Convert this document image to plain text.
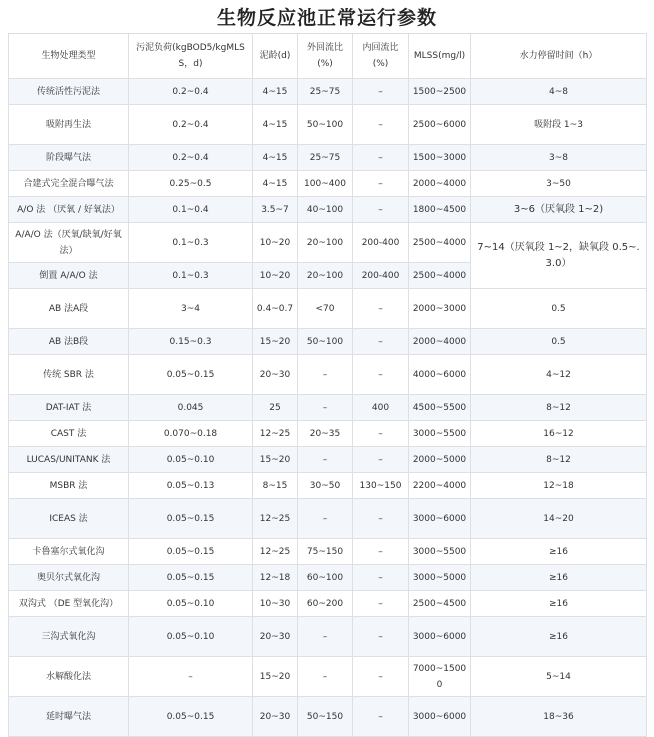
生物反应池正常运行参数
生物处理类型	污泥负荷(kgBOD5/kgMLSS，d)	泥龄(d)	外回流比(%)	内回流比(%)	MLSS(mg/l)	水力停留时间（h）
传统活性污泥法	0.2~0.4	4~15	25~75	–	1500~2500	4~8
吸附再生法	0.2~0.4	4~15	50~100	–	2500~6000	吸附段 1~3
阶段曝气法	0.2~0.4	4~15	25~75	–	1500~3000	3~8
合建式完全混合曝气法	0.25~0.5	4~15	100~400	–	2000~4000	3~50
A/O 法 （厌氧 / 好氧法）	0.1~0.4	3.5~7	40~100	–	1800~4500	3~6（厌氧段 1~2)
A/A/O 法（厌氧/缺氧/好氧法）	0.1~0.3	10~20	20~100	200-400	2500~4000	7~14（厌氧段 1~2，缺氧段 0.5~.3.0）
倒置 A/A/O 法	0.1~0.3	10~20	20~100	200-400	2500~4000	
AB 法A段	3~4	0.4~0.7	<70	–	2000~3000	0.5
AB 法B段	0.15~0.3	15~20	50~100	–	2000~4000	0.5
传统 SBR 法	0.05~0.15	20~30	–	–	4000~6000	4~12
DAT-IAT 法	0.045	25	–	400	4500~5500	8~12
CAST 法	0.070~0.18	12~25	20~35	–	3000~5500	16~12
LUCAS/UNITANK 法	0.05~0.10	15~20	–	–	2000~5000	8~12
MSBR 法	0.05~0.13	8~15	30~50	130~150	2200~4000	12~18
ICEAS 法	0.05~0.15	12~25	–	–	3000~6000	14~20
卡鲁塞尔式氧化沟	0.05~0.15	12~25	75~150	–	3000~5500	≥16
奥贝尔式氧化沟	0.05~0.15	12~18	60~100	–	3000~5000	≥16
双沟式 （DE 型氧化沟）	0.05~0.10	10~30	60~200	–	2500~4500	≥16
三沟式氧化沟	0.05~0.10	20~30	–	–	3000~6000	≥16
水解酸化法	–	15~20	–	–	7000~15000	5~14
延时曝气法	0.05~0.15	20~30	50~150	–	3000~6000	18~36
